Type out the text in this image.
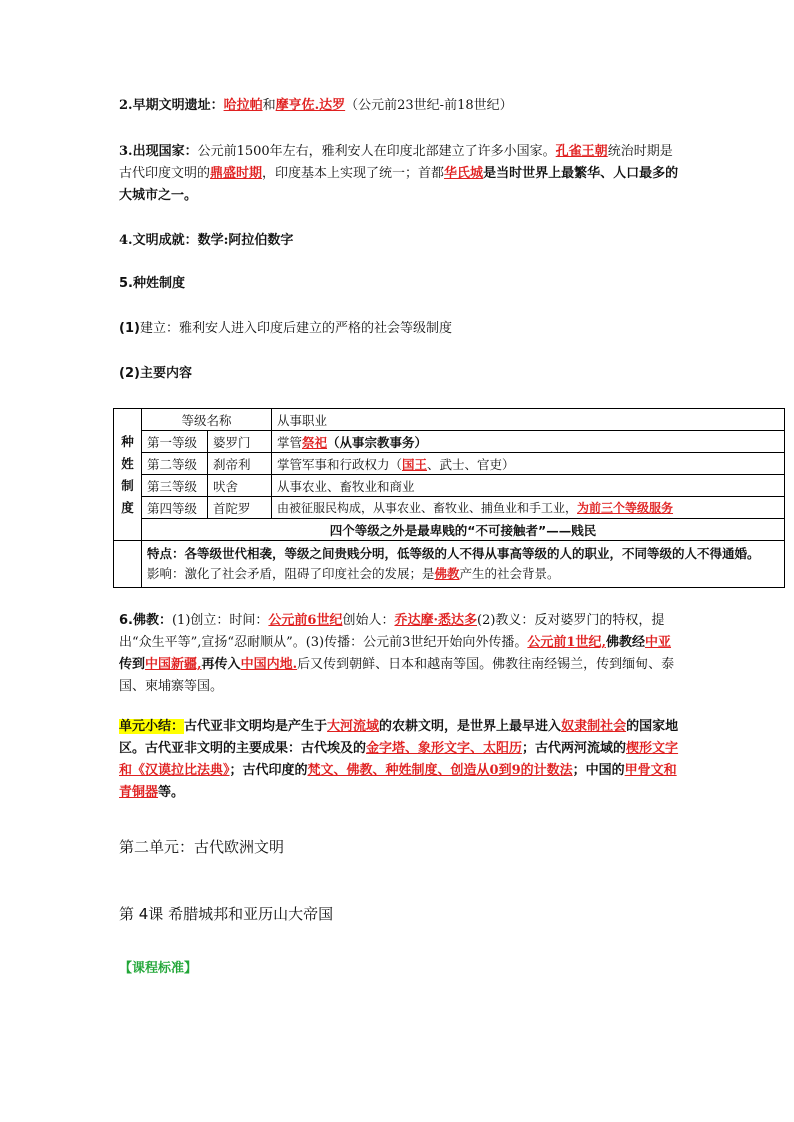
2.早期文明遗址：哈拉帕和摩亨佐.达罗（公元前23世纪-前18世纪）
3.出现国家：公元前1500年左右，雅利安人在印度北部建立了许多小国家。孔雀王朝统治时期是古代印度文明的鼎盛时期，印度基本上实现了统一；首都华氏城是当时世界上最繁华、人口最多的大城市之一。
4.文明成就：数学:阿拉伯数字
5.种姓制度
(1)建立：雅利安人进入印度后建立的严格的社会等级制度
(2)主要内容
种
姓
制
度	等级名称		从事职业
	第一等级	婆罗门	掌管祭祀（从事宗教事务）
	第二等级	刹帝利	掌管军事和行政权力（国王、武士、官吏）
	第三等级	吠舍	从事农业、畜牧业和商业
	第四等级	首陀罗	由被征服民构成，从事农业、畜牧业、捕鱼业和手工业，为前三个等级服务
	四个等级之外是最卑贱的“不可接触者”——贱民		

	特点：各等级世代相袭，等级之间贵贱分明，低等级的人不得从事高等级的人的职业，不同等级的人不得通婚。
影响：激化了社会矛盾，阻碍了印度社会的发展；是佛教产生的社会背景。		
6.佛教：(1)创立：时间：公元前6世纪创始人：乔达摩·悉达多(2)教义：反对婆罗门的特权，提出“众生平等”,宣扬“忍耐顺从”。(3)传播：公元前3世纪开始向外传播。公元前1世纪,佛教经中亚传到中国新疆,再传入中国内地.后又传到朝鲜、日本和越南等国。佛教往南经锡兰，传到缅甸、泰国、柬埔寨等国。
单元小结：古代亚非文明均是产生于大河流域的农耕文明，是世界上最早进入奴隶制社会的国家地区。古代亚非文明的主要成果：古代埃及的金字塔、象形文字、太阳历；古代两河流域的楔形文字和《汉谟拉比法典》；古代印度的梵文、佛教、种姓制度、创造从0到9的计数法；中国的甲骨文和青铜器等。
第二单元：古代欧洲文明
第 4课 希腊城邦和亚历山大帝国
【课程标准】
